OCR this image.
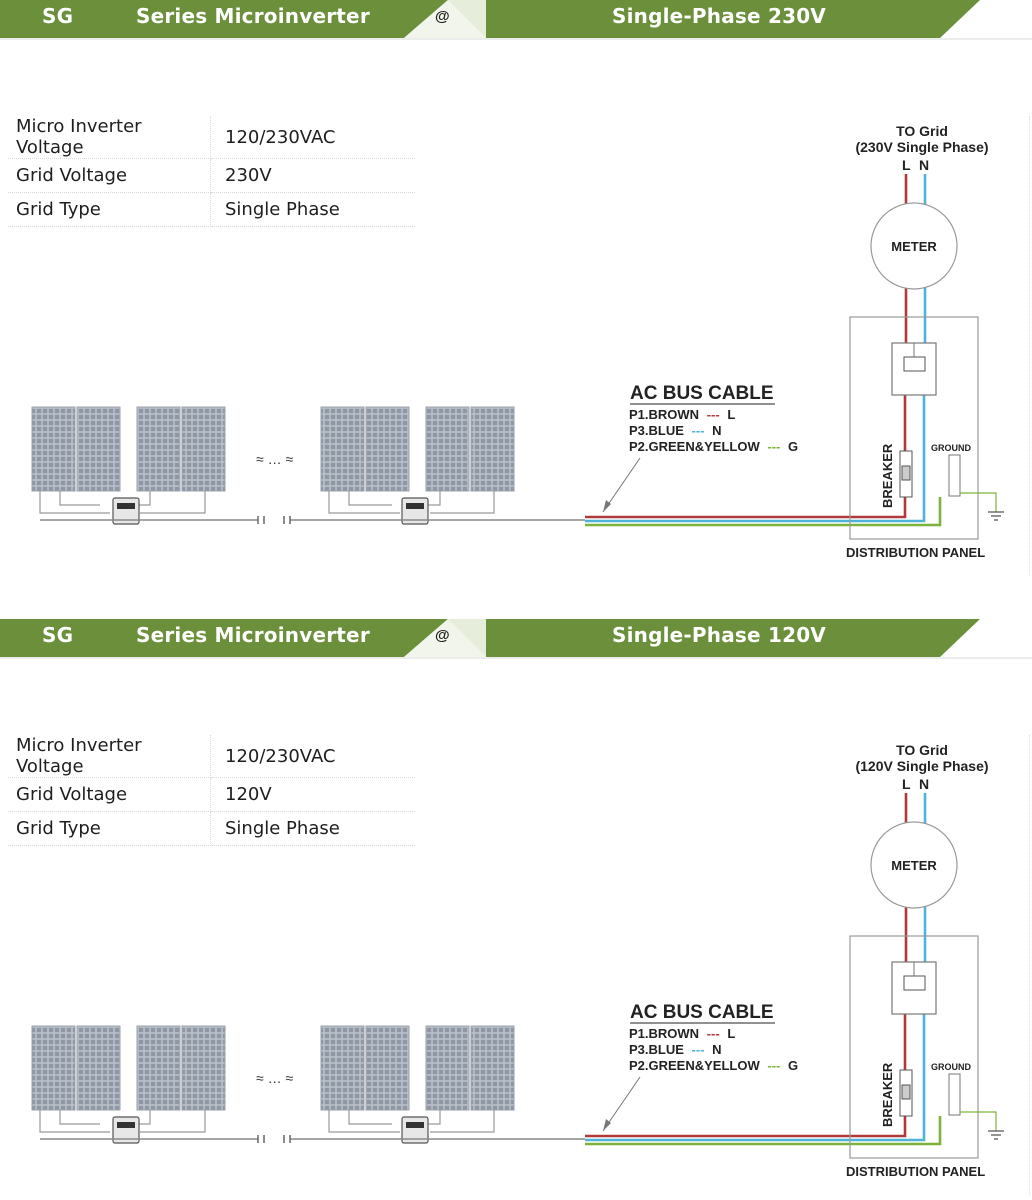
SG	Series Microinverter	@	Single-Phase 230V
Micro Inverter Voltage	120/230VAC
Grid Voltage	230V
Grid Type	Single Phase
≈ … ≈
METER
TO Grid
(230V Single Phase)
L N
BREAKER	GROUND
DISTRIBUTION PANEL
AC BUS CABLE
P1.BROWN --- L
P3.BLUE --- N
P2.GREEN&YELLOW --- G
SG	Series Microinverter	@	Single-Phase 120V
Micro Inverter Voltage	120/230VAC
Grid Voltage	120V
Grid Type	Single Phase
≈ … ≈
METER
TO Grid
(120V Single Phase)
L N
BREAKER	GROUND
DISTRIBUTION PANEL
AC BUS CABLE
P1.BROWN --- L
P3.BLUE --- N
P2.GREEN&YELLOW --- G
